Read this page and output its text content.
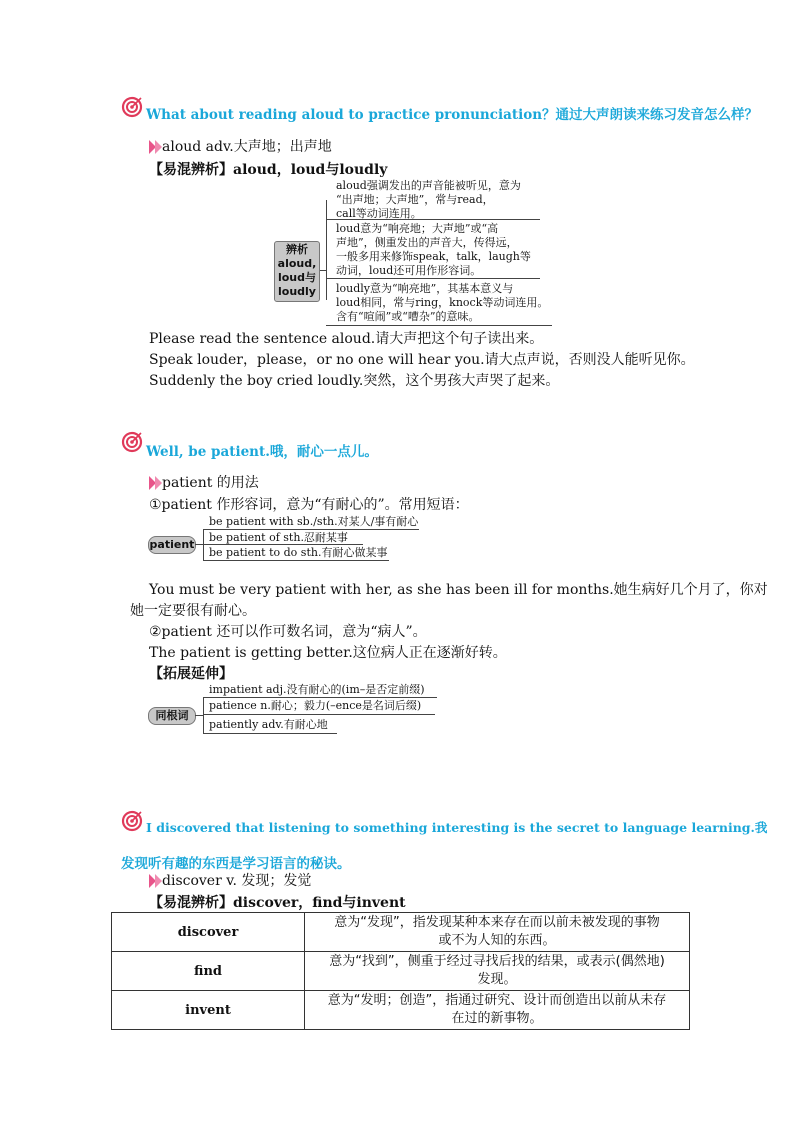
What about reading aloud to practice pronunciation？通过大声朗读来练习发音怎么样？
aloud adv.大声地；出声地
【易混辨析】aloud，loud与loudly
辨析
aloud,
loud与
loudly
aloud强调发出的声音能被听见，意为
“出声地；大声地”，常与read，
call等动词连用。
loud意为“响亮地；大声地”或“高
声地”，侧重发出的声音大，传得远，
一般多用来修饰speak，talk，laugh等
动词，loud还可用作形容词。
loudly意为“响亮地”，其基本意义与
loud相同，常与ring，knock等动词连用。
含有“喧闹”或“嘈杂”的意味。
Please read the sentence aloud.请大声把这个句子读出来。
Speak louder，please，or no one will hear you.请大点声说，否则没人能听见你。
Suddenly the boy cried loudly.突然，这个男孩大声哭了起来。
Well, be patient.哦，耐心一点儿。
patient 的用法
①patient 作形容词，意为“有耐心的”。常用短语：
patient
be patient with sb./sth.对某人/事有耐心
be patient of sth.忍耐某事
be patient to do sth.有耐心做某事
You must be very patient with her, as she has been ill for months.她生病好几个月了，你对
她一定要很有耐心。
②patient 还可以作可数名词，意为“病人”。
The patient is getting better.这位病人正在逐渐好转。
【拓展延伸】
同根词
impatient adj.没有耐心的(im–是否定前缀)
patience n.耐心；毅力(–ence是名词后缀)
patiently adv.有耐心地
I discovered that listening to something interesting is the secret to language learning.我
发现听有趣的东西是学习语言的秘诀。
discover v. 发现；发觉
【易混辨析】discover，find与invent
discover	意为“发现”，指发现某种本来存在而以前未被发现的事物
或不为人知的东西。

find	意为“找到”，侧重于经过寻找后找的结果，或表示(偶然地)
发现。

invent	意为“发明；创造”，指通过研究、设计而创造出以前从未存
在过的新事物。
